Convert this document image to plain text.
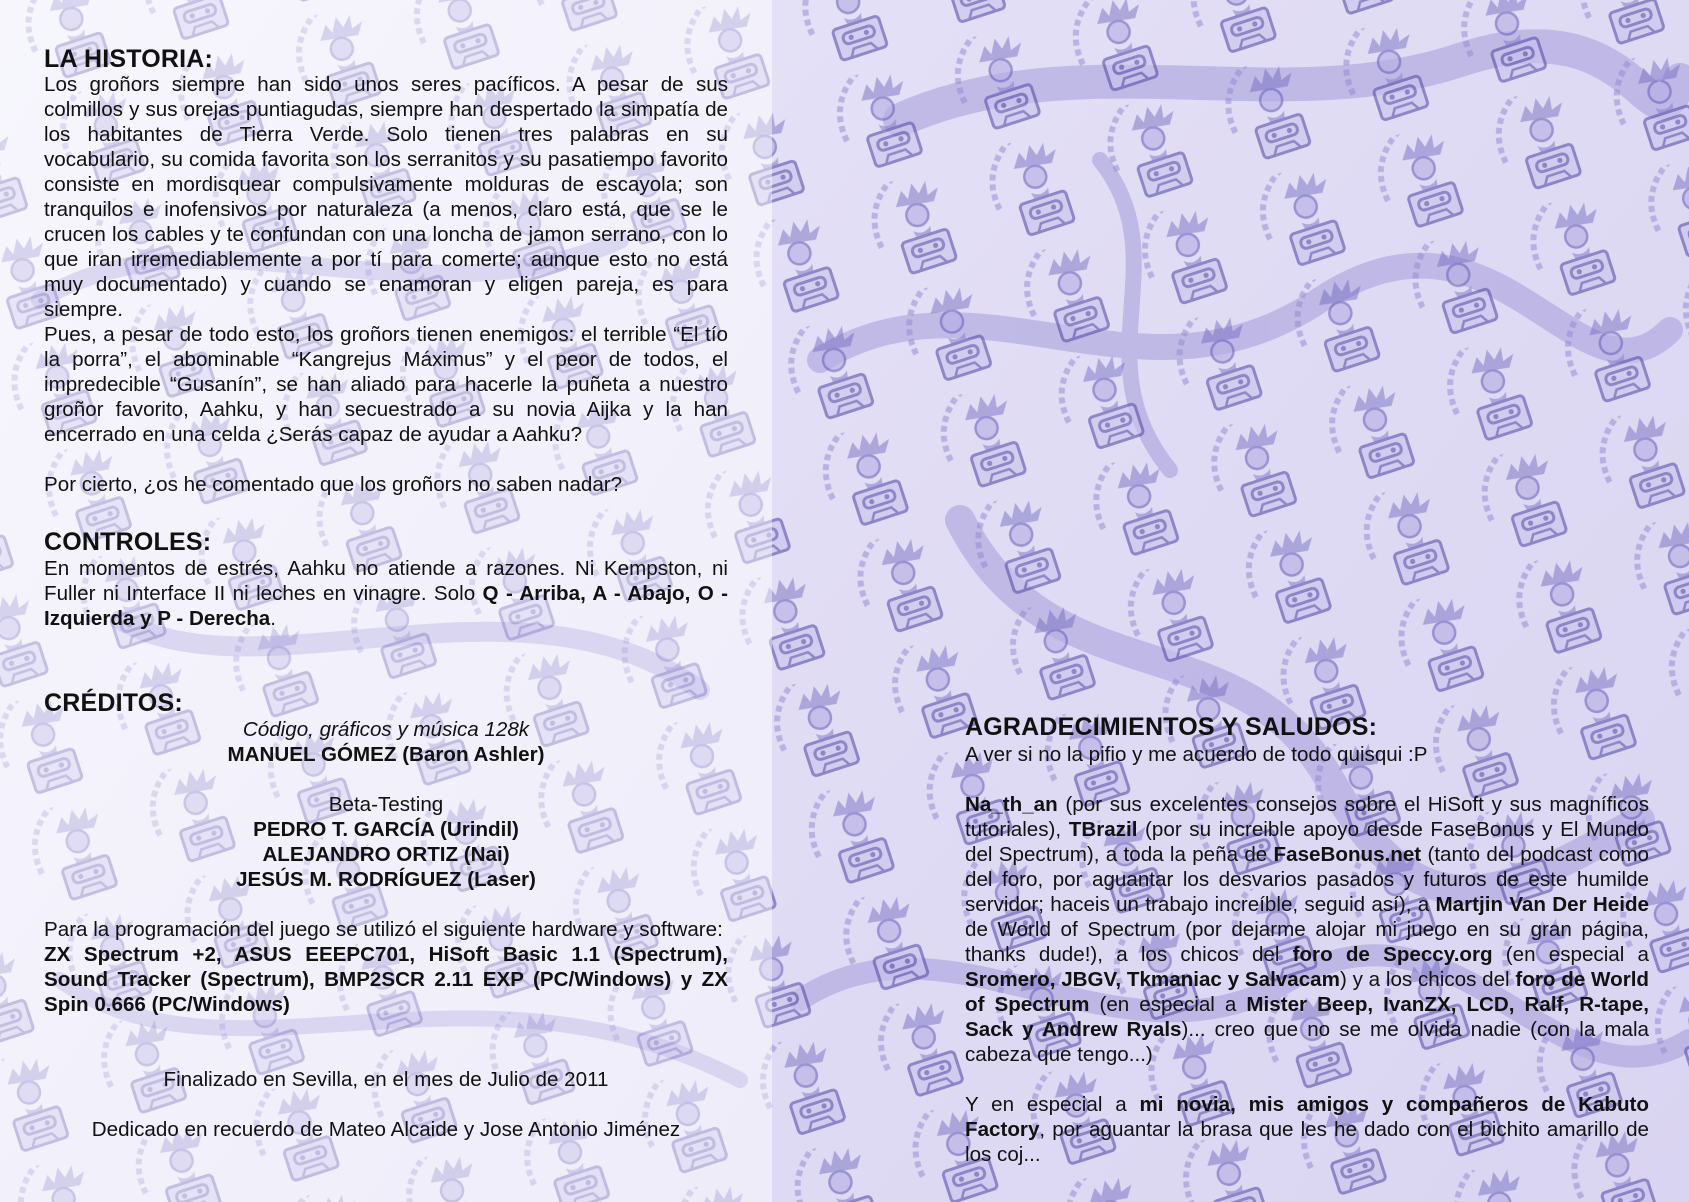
LA HISTORIA:

Los groñors siempre han sido unos seres pacíficos. A pesar de sus colmillos y sus orejas puntiagudas, siempre han despertado la simpatía de los habitantes de Tierra Verde. Solo tienen tres palabras en su vocabulario, su comida favorita son los serranitos y su pasatiempo favorito consiste en mordisquear compulsivamente molduras de escayola; son tranquilos e inofensivos por naturaleza (a menos, claro está, que se le crucen los cables y te confundan con una loncha de jamon serrano, con lo que iran irremediablemente a por tí para comerte; aunque esto no está muy documentado) y cuando se enamoran y eligen pareja, es para siempre.

Pues, a pesar de todo esto, los groñors tienen enemigos: el terrible “El tío la porra”, el abominable “Kangrejus Máximus” y el peor de todos, el impredecible “Gusanín”, se han aliado para hacerle la puñeta a nuestro groñor favorito, Aahku, y han secuestrado a su novia Aijka y la han encerrado en una celda ¿Serás capaz de ayudar a Aahku?

Por cierto, ¿os he comentado que los groñors no saben nadar?

CONTROLES:

En momentos de estrés, Aahku no atiende a razones. Ni Kempston, ni Fuller ni Interface II ni leches en vinagre. Solo Q - Arriba, A - Abajo, O - Izquierda y P - Derecha.

CRÉDITOS:

Código, gráficos y música 128k

MANUEL GÓMEZ (Baron Ashler)

Beta-Testing

PEDRO T. GARCÍA (Urindil)

ALEJANDRO ORTIZ (Nai)

JESÚS M. RODRÍGUEZ (Laser)

Para la programación del juego se utilizó el siguiente hardware y software:

ZX Spectrum +2, ASUS EEEPC701, HiSoft Basic 1.1 (Spectrum), Sound Tracker (Spectrum), BMP2SCR 2.11 EXP (PC/Windows) y ZX Spin 0.666 (PC/Windows)

Finalizado en Sevilla, en el mes de Julio de 2011

Dedicado en recuerdo de Mateo Alcaide y Jose Antonio Jiménez

AGRADECIMIENTOS Y SALUDOS:

A ver si no la pifio y me acuerdo de todo quisqui :P

Na_th_an (por sus excelentes consejos sobre el HiSoft y sus magníficos tutoriales), TBrazil (por su increible apoyo desde FaseBonus y El Mundo del Spectrum), a toda la peña de FaseBonus.net (tanto del podcast como del foro, por aguantar los desvarios pasados y futuros de este humilde servidor; haceis un trabajo increíble, seguid así), a Martjin Van Der Heide de World of Spectrum (por dejarme alojar mi juego en su gran página, thanks dude!), a los chicos del foro de Speccy.org (en especial a Sromero, JBGV, Tkmaniac y Salvacam) y a los chicos del foro de World of Spectrum (en especial a Mister Beep, IvanZX, LCD, Ralf, R-tape, Sack y Andrew Ryals)... creo que no se me olvida nadie (con la mala cabeza que tengo...)

Y en especial a mi novia, mis amigos y compañeros de Kabuto Factory, por aguantar la brasa que les he dado con el bichito amarillo de los coj...
